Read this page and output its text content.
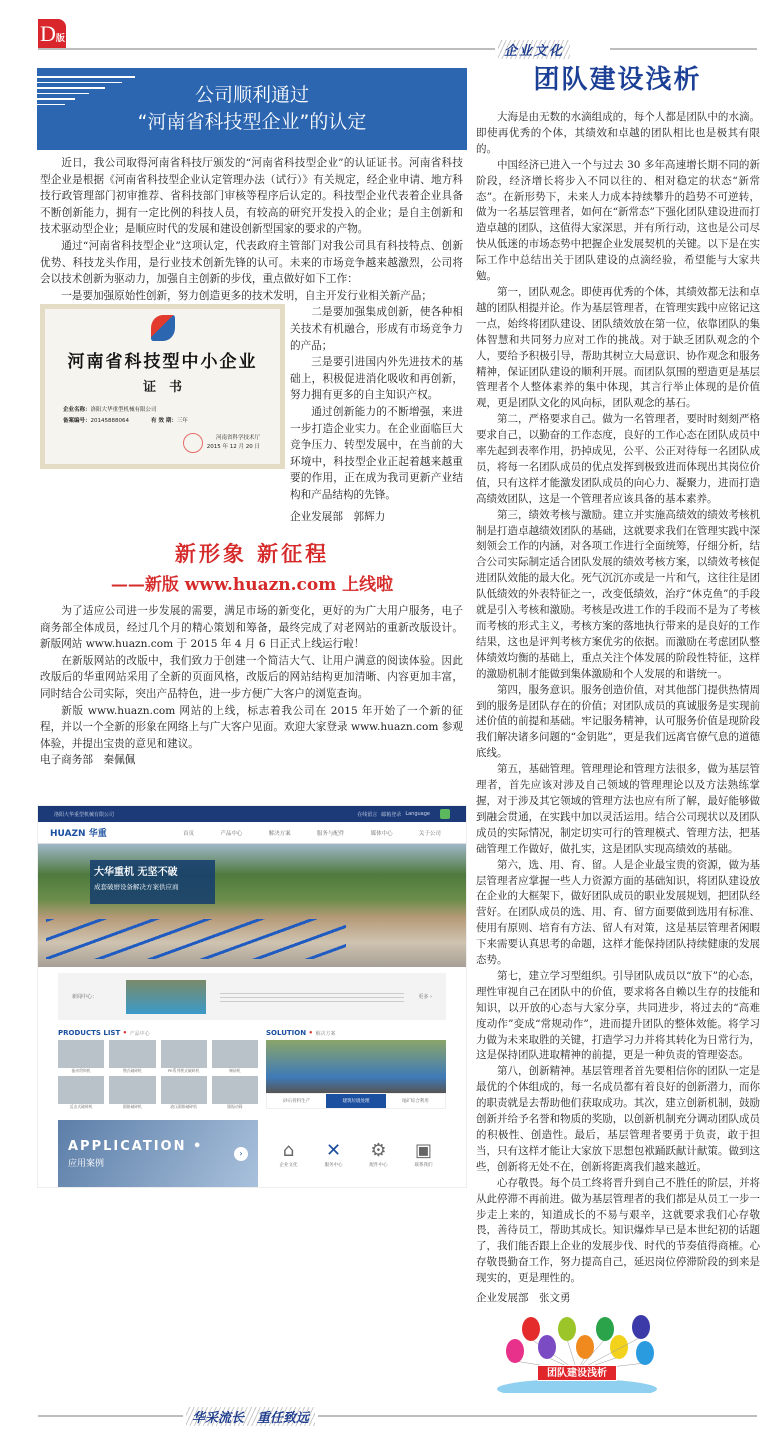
D版
企业文化
公司顺利通过
“河南省科技型企业”的认定

近日，我公司取得河南省科技厅颁发的“河南省科技型企业”的认证证书。河南省科技型企业是根据《河南省科技型企业认定管理办法（试行）》有关规定，经企业申请、地方科技行政管理部门初审推荐、省科技部门审核等程序后认定的。科技型企业代表着企业具备不断创新能力，拥有一定比例的科技人员，有较高的研究开发投入的企业；是自主创新和技术驱动型企业；是顺应时代的发展和建设创新型国家的要求的产物。

通过“河南省科技型企业”这项认定，代表政府主管部门对我公司具有科技特点、创新优势、科技龙头作用，是行业技术创新先锋的认可。未来的市场竞争越来越激烈，公司将会以技术创新为驱动力，加强自主创新的步伐，重点做好如下工作：

一是要加强原始性创新，努力创造更多的技术发明，自主开发行业相关新产品；

河南省科技型中小企业
证　书
企业名称：洛阳大华重型机械有限公司
备案编号：20145888064　　　　	有 效 期：三年
河南省科学技术厅
2015 年 12 月 20 日

二是要加强集成创新，使各种相关技术有机融合，形成有市场竞争力的产品；

三是要引进国内外先进技术的基础上，积极促进消化吸收和再创新，努力拥有更多的自主知识产权。

通过创新能力的不断增强，来进一步打造企业实力。在企业面临巨大竞争压力、转型发展中，在当前的大环境中，科技型企业正起着越来越重要的作用，正在成为我司更新产业结构和产品结构的先锋。

企业发展部　郭辉力

新形象 新征程
——新版 www.huazn.com 上线啦

为了适应公司进一步发展的需要，满足市场的新变化，更好的为广大用户服务，电子商务部全体成员，经过几个月的精心策划和筹备，最终完成了对老网站的重新改版设计。新版网站 www.huazn.com 于 2015 年 4 月 6 日正式上线运行啦！

在新版网站的改版中，我们致力于创建一个简洁大气、让用户满意的阅读体验。因此改版后的华重网站采用了全新的页面风格，改版后的网站结构更加清晰、内容更加丰富，同时结合公司实际，突出产品特色，进一步方便广大客户的浏览查询。

新版 www.huazn.com 网站的上线，标志着我公司在 2015 年开始了一个新的征程，并以一个全新的形象在网络上与广大客户见面。欢迎大家登录 www.huazn.com 参观体验，并提出宝贵的意见和建议。

电子商务部　秦佩佩

洛阳大华重型机械有限公司	在线留言 邮箱登录 Language
HUAZN 华重	首页	产品中心	解决方案	服务与配件	媒体中心	关于公司
大华重机 无坚不破
成套破磨设备解决方案供应商
新闻中心：	更多 ›
PRODUCTS LIST • 产品中心
振动给料机	颚式破碎机	PE系列颚式破碎机	制砂机
反击式破碎机	圆锥破碎机	液压圆锥破碎机	圆振动筛
SOLUTION • 解决方案
砂石骨料生产	建筑垃圾处理	尾矿综合利用
APPLICATION •
应用案例
›	⌂
企业文化
✕
服务中心
⚙
配件中心
▣
联系我们
团队建设浅析

大海是由无数的水滴组成的，每个人都是团队中的水滴。即使再优秀的个体，其绩效和卓越的团队相比也是极其有限的。

中国经济已进入一个与过去 30 多年高速增长期不同的新阶段，经济增长将步入不同以往的、相对稳定的状态“新常态”。在新形势下，未来人力成本持续攀升的趋势不可逆转，做为一名基层管理者，如何在“新常态”下强化团队建设进而打造卓越的团队，这值得大家深思，并有所行动，这也是公司尽快从低迷的市场态势中把握企业发展契机的关键。以下是在实际工作中总结出关于团队建设的点滴经验，希望能与大家共勉。

第一，团队观念。即使再优秀的个体，其绩效都无法和卓越的团队相提并论。作为基层管理者，在管理实践中应铭记这一点，始终将团队建设、团队绩效放在第一位，依靠团队的集体智慧和共同努力应对工作的挑战。对于缺乏团队观念的个人，要给予积极引导，帮助其树立大局意识、协作观念和服务精神，保证团队建设的顺利开展。而团队氛围的塑造更是基层管理者个人整体素养的集中体现，其言行举止体现的是价值观，更是团队文化的风向标，团队观念的基石。

第二，严格要求自己。做为一名管理者，要时时刻刻严格要求自己，以勤奋的工作态度，良好的工作心态在团队成员中率先起到表率作用，扔掉成见，公平、公正对待每一名团队成员，将每一名团队成员的优点发挥到极致进而体现出其岗位价值，只有这样才能激发团队成员的向心力、凝聚力，进而打造高绩效团队，这是一个管理者应该具备的基本素养。

第三，绩效考核与激励。建立并实施高绩效的绩效考核机制是打造卓越绩效团队的基础，这就要求我们在管理实践中深刻领会工作的内涵，对各项工作进行全面统筹，仔细分析，结合公司实际制定适合团队发展的绩效考核方案，以绩效考核促进团队效能的最大化。死气沉沉亦或是一片和气，这往往是团队低绩效的外表特征之一，改变低绩效，治疗“休克鱼”的手段就是引入考核和激励。考核是改进工作的手段而不是为了考核而考核的形式主义，考核方案的落地执行带来的是良好的工作结果，这也是评判考核方案优劣的依据。而激励在考虑团队整体绩效均衡的基础上，重点关注个体发展的阶段性特征，这样的激励机制才能做到集体激励和个人发展的和谐统一。

第四，服务意识。服务创造价值，对其他部门提供热情周到的服务是团队存在的价值；对团队成员的真诚服务是实现前述价值的前提和基础。牢记服务精神，认可服务价值是现阶段我们解决诸多问题的“金钥匙”，更是我们远离官僚气息的道德底线。

第五，基础管理。管理理论和管理方法很多，做为基层管理者，首先应该对涉及自己领域的管理理论以及方法熟练掌握，对于涉及其它领域的管理方法也应有所了解，最好能够做到融会贯通，在实践中加以灵活运用。结合公司现状以及团队成员的实际情况，制定切实可行的管理模式、管理方法，把基础管理工作做好，做扎实，这是团队实现高绩效的基础。

第六，选、用、育、留。人是企业最宝贵的资源，做为基层管理者应掌握一些人力资源方面的基础知识，将团队建设放在企业的大框架下，做好团队成员的职业发展规划，把团队经营好。在团队成员的选、用、育、留方面要做到选用有标准、使用有原则、培育有方法、留人有对策，这是基层管理者闲暇下来需要认真思考的命题，这样才能保持团队持续健康的发展态势。

第七，建立学习型组织。引导团队成员以“放下”的心态，理性审视自己在团队中的价值，要求将各自赖以生存的技能和知识，以开放的心态与大家分享，共同进步，将过去的“高难度动作”变成“常规动作”，进而提升团队的整体效能。将学习力做为未来取胜的关键，打造学习力并将其转化为日常行为，这是保持团队进取精神的前提，更是一种负责的管理姿态。

第八，创新精神。基层管理者首先要相信你的团队一定是最优的个体组成的，每一名成员都有着良好的创新潜力，而你的职责就是去帮助他们获取成功。其次，建立创新机制，鼓励创新并给予名誉和物质的奖励，以创新机制充分调动团队成员的积极性、创造性。最后，基层管理者要勇于负责，敢于担当，只有这样才能让大家放下思想包袱踊跃献计献策。做到这些，创新将无处不在，创新将距离我们越来越近。

心存敬畏。每个员工终将晋升到自己不胜任的阶层，并将从此停滞不再前进。做为基层管理者的我们都是从员工一步一步走上来的，知道成长的不易与艰辛，这就要求我们心存敬畏，善待员工，帮助其成长。知识爆炸早已是本世纪初的话题了，我们能否跟上企业的发展步伐、时代的节奏值得商榷。心存敬畏勤奋工作，努力提高自己，延迟岗位停滞阶段的到来是现实的，更是理性的。

企业发展部　张文勇

团队建设浅析
华采流长　 重任致远
